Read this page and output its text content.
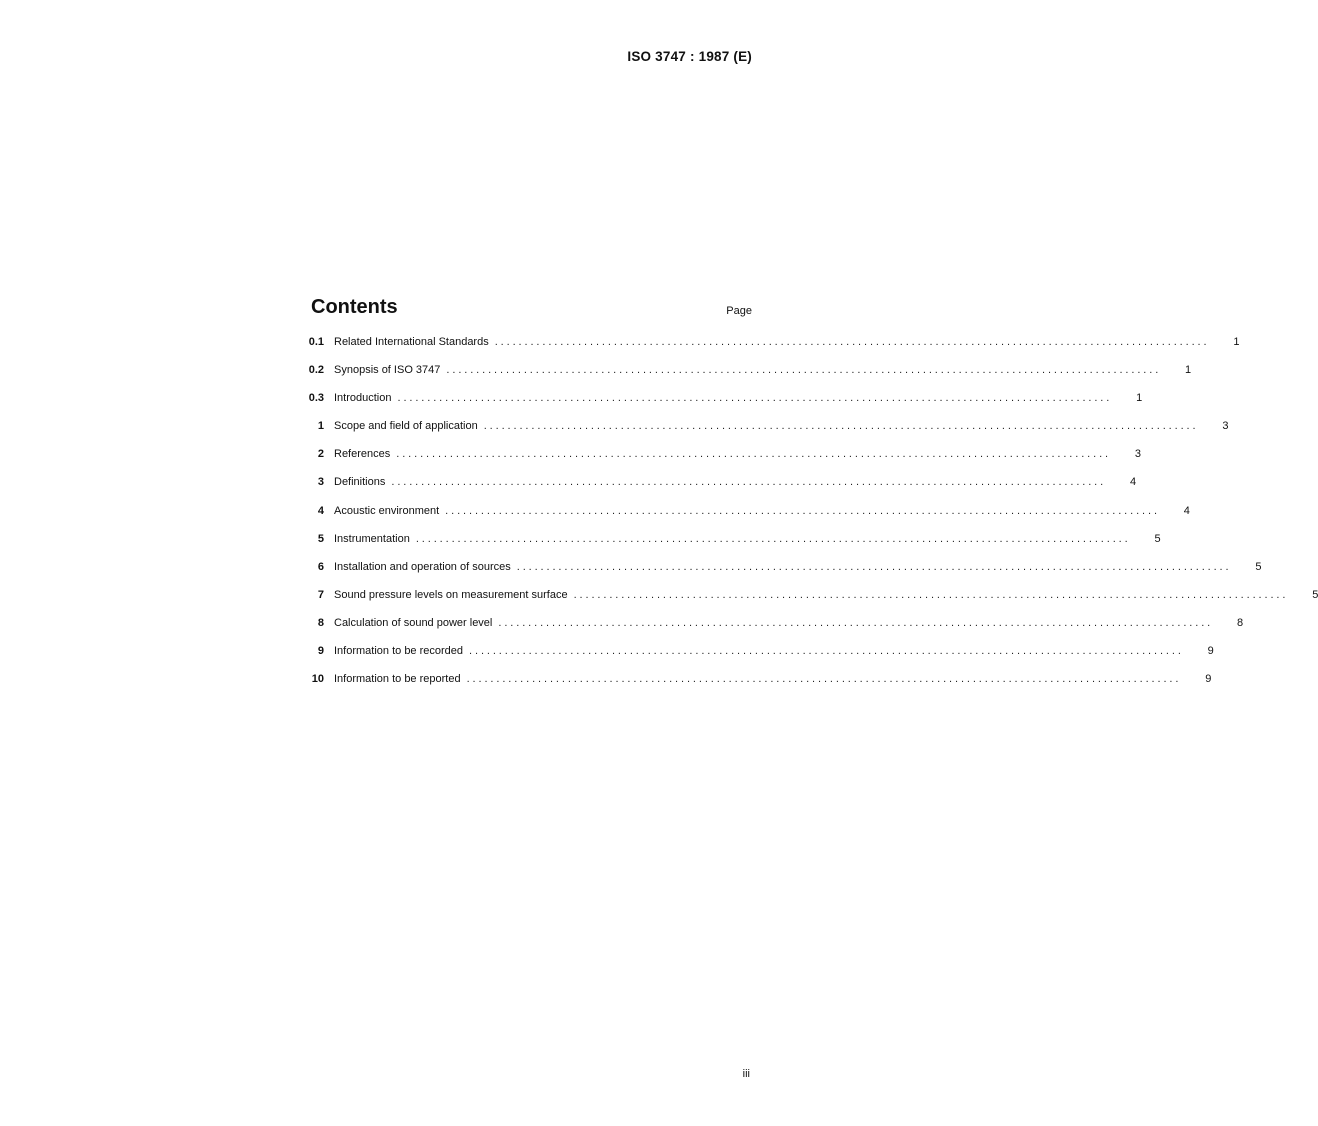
ISO 3747 : 1987 (E)
Contents	Page
0.1 Related International Standards ........................................................................................................................	1
0.2 Synopsis of ISO 3747 ........................................................................................................................	1
0.3 Introduction ........................................................................................................................	1
1 Scope and field of application ........................................................................................................................	3
2 References ........................................................................................................................	3
3 Definitions ........................................................................................................................	4
4 Acoustic environment ........................................................................................................................	4
5 Instrumentation ........................................................................................................................	5
6 Installation and operation of sources ........................................................................................................................	5
7 Sound pressure levels on measurement surface ........................................................................................................................	5
8 Calculation of sound power level ........................................................................................................................	8
9 Information to be recorded ........................................................................................................................	9
10 Information to be reported ........................................................................................................................	9
iii
